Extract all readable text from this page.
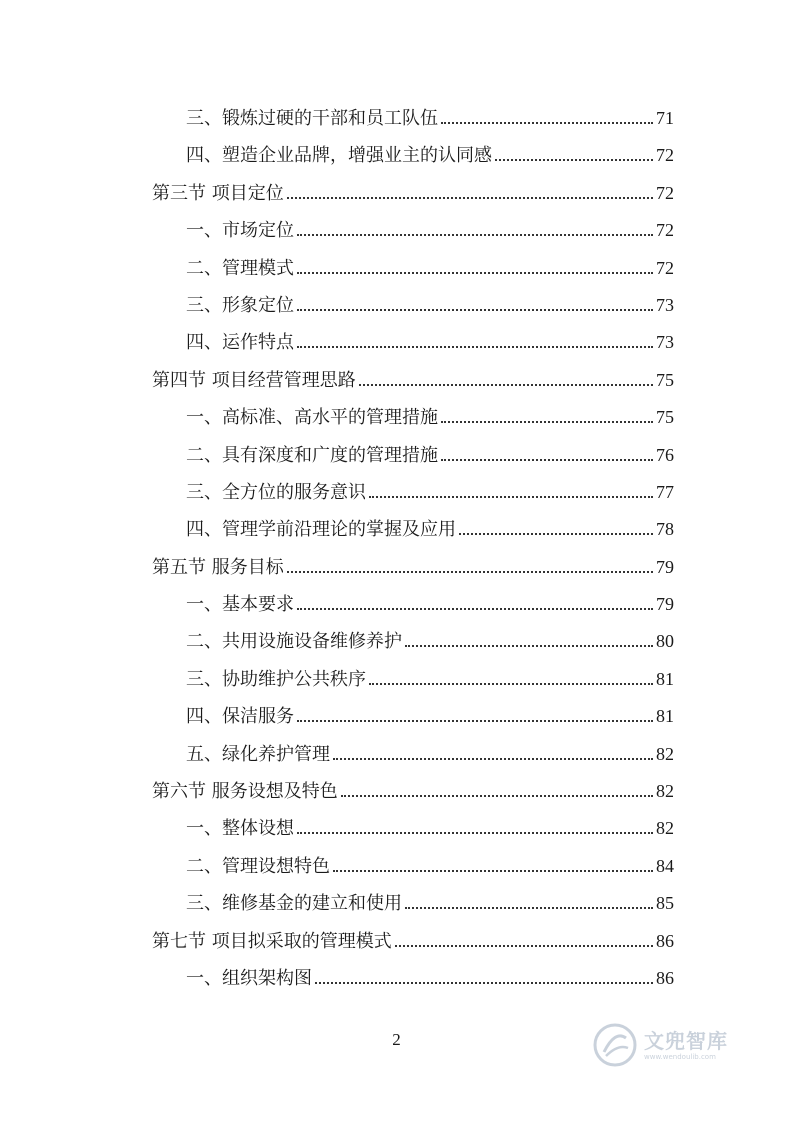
三、锻炼过硬的干部和员工队伍	71
四、塑造企业品牌，增强业主的认同感	72
第三节 项目定位	72
一、市场定位	72
二、管理模式	72
三、形象定位	73
四、运作特点	73
第四节 项目经营管理思路	75
一、高标准、高水平的管理措施	75
二、具有深度和广度的管理措施	76
三、全方位的服务意识	77
四、管理学前沿理论的掌握及应用	78
第五节 服务目标	79
一、基本要求	79
二、共用设施设备维修养护	80
三、协助维护公共秩序	81
四、保洁服务	81
五、绿化养护管理	82
第六节 服务设想及特色	82
一、整体设想	82
二、管理设想特色	84
三、维修基金的建立和使用	85
第七节 项目拟采取的管理模式	86
一、组织架构图	86
2	文兜智库
www.wendoulib.com
